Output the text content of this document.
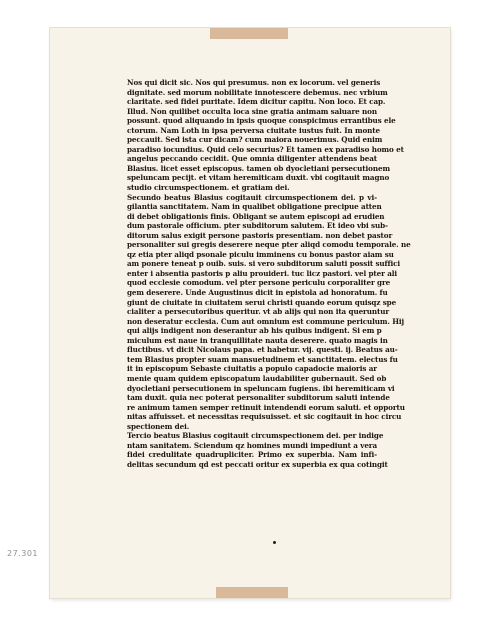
Nos qui dicit sic. Nos qui presumus. non ex locorum. vel generis
dignitate. sed morum nobilitate innotescere debemus. nec vrbium
claritate. sed fidei puritate. Idem dicitur capitu. Non loco. Et cap.
Illud. Non quilibet occulta loca sine gratia animam saluare non
possunt. quod aliquando in ipsis quoque conspicimus errantibus ele
ctorum. Nam Loth in ipsa perversa ciuitate iustus fuit. In monte
peccauit. Sed ista cur dicam? cum maiora nouerimus. Quid enim
paradiso iocundius. Quid celo securius? Et tamen ex paradiso homo et
angelus peccando cecidit. Que omnia diligenter attendens beat
Blasius. licet esset episcopus. tamen ob dyocletiani persecutionem
speluncam pecijt. et vitam heremiticam duxit. vbi cogitauit magno
studio circumspectionem. et gratiam dei.
Secundo beatus Blasius cogitauit circumspectionem dei. p vi-
gilantia sanctitatem. Nam in qualibet obligatione precipue atten
di debet obligationis finis. Obligant se autem episcopi ad erudien
dum pastorale officium. pter subditorum salutem. Et ideo vbi sub-
ditorum salus exigit persone pastoris presentiam. non debet pastor
personaliter sui gregis deserere neque pter aliqd comodu temporale. ne
qz etia pter aliqd psonale piculu imminens cu bonus pastor aiam su
am ponere teneat p ouib. suis. si vero subditorum saluti possit suffici
enter i absentia pastoris p aliu prouideri. tuc licz pastori. vel pter ali
quod ecclesie comodum. vel pter persone periculu corporaliter gre
gem deserere. Unde Augustinus dicit in epistola ad honoratum. fu
giunt de ciuitate in ciuitatem serui christi quando eorum quisqz spe
cialiter a persecutoribus queritur. vt ab alijs qui non ita queruntur
non deseratur ecclesia. Cum aut omnium est commune periculum. Hij
qui alijs indigent non deserantur ab his quibus indigent. Si em p
miculum est naue in tranquillitate nauta deserere. quato magis in
fluctibus. vt dicit Nicolaus papa. et habetur. vij. questi. ij. Beatus au-
tem Blasius propter suam mansuetudinem et sanctitatem. electus fu
it in episcopum Sebaste ciuitatis a populo capadocie maioris ar
menie quam quidem episcopatum laudabiliter gubernauit. Sed ob
dyocletiani persecutionem in speluncam fugiens. ibi heremiticam vi
tam duxit. quia nec poterat personaliter subditorum saluti intende
re animum tamen semper retinuit intendendi eorum saluti. et opportu
nitas affuisset. et necessitas requisuisset. et sic cogitauit in hoc circu
spectionem dei.
Tercio beatus Blasius cogitauit circumspectionem dei. per indige
ntam sanitatem. Sciendum qz homines mundi impediunt a vera
fidei credulitate quadrupliciter. Primo ex superbia. Nam infi-
delitas secundum qd est peccati oritur ex superbia ex qua cotingit
27.301
